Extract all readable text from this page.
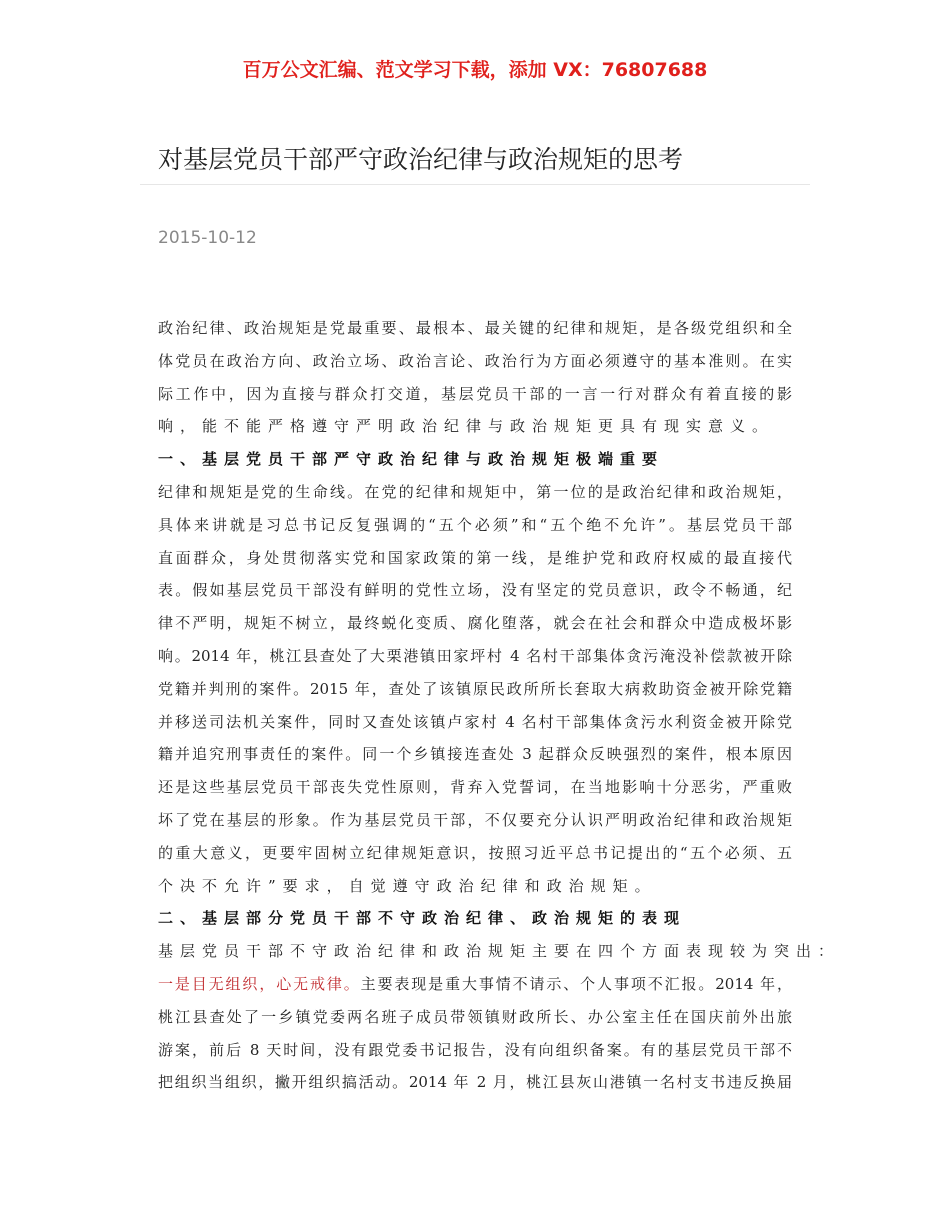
百万公文汇编、范文学习下载，添加 VX：76807688
对基层党员干部严守政治纪律与政治规矩的思考
2015-10-12
政治纪律、政治规矩是党最重要、最根本、最关键的纪律和规矩，是各级党组织和全
体党员在政治方向、政治立场、政治言论、政治行为方面必须遵守的基本准则。在实
际工作中，因为直接与群众打交道，基层党员干部的一言一行对群众有着直接的影
响，能不能严格遵守严明政治纪律与政治规矩更具有现实意义。
一、基层党员干部严守政治纪律与政治规矩极端重要
纪律和规矩是党的生命线。在党的纪律和规矩中，第一位的是政治纪律和政治规矩，
具体来讲就是习总书记反复强调的“五个必须”和“五个绝不允许”。基层党员干部
直面群众，身处贯彻落实党和国家政策的第一线，是维护党和政府权威的最直接代
表。假如基层党员干部没有鲜明的党性立场，没有坚定的党员意识，政令不畅通，纪
律不严明，规矩不树立，最终蜕化变质、腐化堕落，就会在社会和群众中造成极坏影
响。2014 年，桃江县查处了大栗港镇田家坪村 4 名村干部集体贪污淹没补偿款被开除
党籍并判刑的案件。2015 年，查处了该镇原民政所所长套取大病救助资金被开除党籍
并移送司法机关案件，同时又查处该镇卢家村 4 名村干部集体贪污水利资金被开除党
籍并追究刑事责任的案件。同一个乡镇接连查处 3 起群众反映强烈的案件，根本原因
还是这些基层党员干部丧失党性原则，背弃入党誓词，在当地影响十分恶劣，严重败
坏了党在基层的形象。作为基层党员干部，不仅要充分认识严明政治纪律和政治规矩
的重大意义，更要牢固树立纪律规矩意识，按照习近平总书记提出的“五个必须、五
个决不允许”要求，自觉遵守政治纪律和政治规矩。
二、基层部分党员干部不守政治纪律、政治规矩的表现
基层党员干部不守政治纪律和政治规矩主要在四个方面表现较为突出：
一是目无组织，心无戒律。主要表现是重大事情不请示、个人事项不汇报。2014 年，
桃江县查处了一乡镇党委两名班子成员带领镇财政所长、办公室主任在国庆前外出旅
游案，前后 8 天时间，没有跟党委书记报告，没有向组织备案。有的基层党员干部不
把组织当组织，撇开组织搞活动。2014 年 2 月，桃江县灰山港镇一名村支书违反换届
